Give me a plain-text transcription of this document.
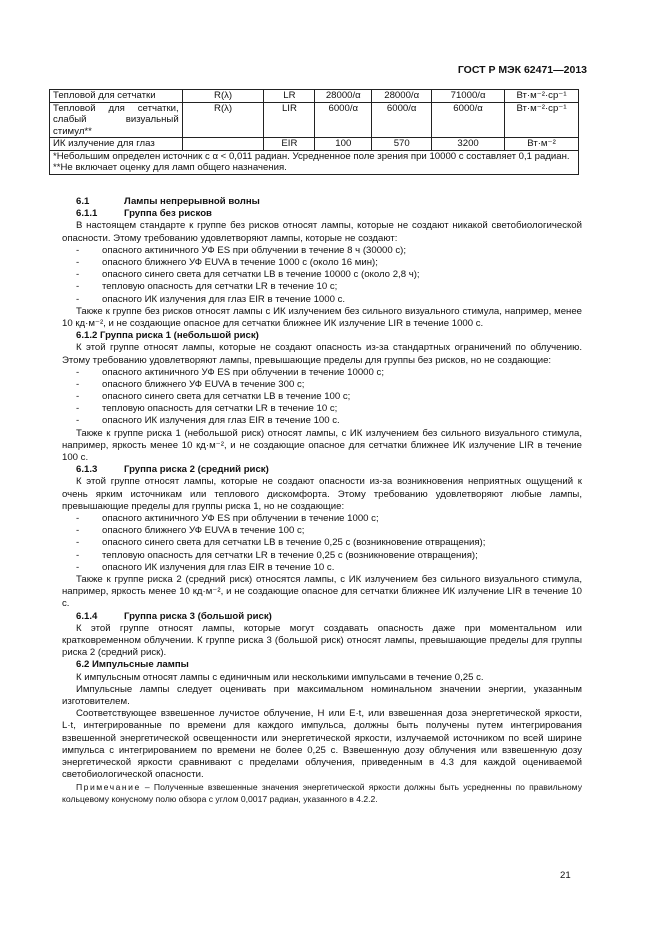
ГОСТ Р МЭК 62471—2013
Тепловой для сетчатки	R(λ)	LR	28000/α	28000/α	71000/α	Вт·м⁻²·ср⁻¹
Тепловой для сетчатки, слабый визуальный стимул**	R(λ)	LIR	6000/α	6000/α	6000/α	Вт·м⁻²·ср⁻¹
ИК излучение для глаз		EIR	100	570	3200	Вт·м⁻²

*Небольшим определен источник с α < 0,011 радиан. Усредненное поле зрения при 10000 с составляет 0,1 радиан.
**Не включает оценку для ламп общего назначения.						
6.1	Лампы непрерывной волны
6.1.1	Группа без рисков
В настоящем стандарте к группе без рисков относят лампы, которые не создают никакой светобиологической опасности. Этому требованию удовлетворяют лампы, которые не создают:
- опасного актиничного УФ ES при облучении в течение 8 ч (30000 с);
- опасного ближнего УФ EUVA в течение 1000 с (около 16 мин);
- опасного синего света для сетчатки LB в течение 10000 с (около 2,8 ч);
- тепловую опасность для сетчатки LR в течение 10 с;
- опасного ИК излучения для глаз EIR в течение 1000 с.
Также к группе без рисков относят лампы с ИК излучением без сильного визуального стимула, например, менее 10 кд·м⁻², и не создающие опасное для сетчатки ближнее ИК излучение LIR в течение 1000 с.
6.1.2 Группа риска 1 (небольшой риск)
К этой группе относят лампы, которые не создают опасность из-за стандартных ограничений по облучению. Этому требованию удовлетворяют лампы, превышающие пределы для группы без рисков, но не создающие:
- опасного актиничного УФ ES при облучении в течение 10000 с;
- опасного ближнего УФ EUVA в течение 300 с;
- опасного синего света для сетчатки LB в течение 100 с;
- тепловую опасность для сетчатки LR в течение 10 с;
- опасного ИК излучения для глаз EIR в течение 100 с.
Также к группе риска 1 (небольшой риск) относят лампы, с ИК излучением без сильного визуального стимула, например, яркость менее 10 кд·м⁻², и не создающие опасное для сетчатки ближнее ИК излучение LIR в течение 100 с.
6.1.3	Группа риска 2 (средний риск)
К этой группе относят лампы, которые не создают опасности из-за возникновения неприятных ощущений к очень ярким источникам или теплового дискомфорта. Этому требованию удовлетворяют любые лампы, превышающие пределы для группы риска 1, но не создающие:
- опасного актиничного УФ ES при облучении в течение 1000 с;
- опасного ближнего УФ EUVA в течение 100 с;
- опасного синего света для сетчатки LB в течение 0,25 с (возникновение отвращения);
- тепловую опасность для сетчатки LR в течение 0,25 с (возникновение отвращения);
- опасного ИК излучения для глаз EIR в течение 10 с.
Также к группе риска 2 (средний риск) относятся лампы, с ИК излучением без сильного визуального стимула, например, яркость менее 10 кд·м⁻², и не создающие опасное для сетчатки ближнее ИК излучение LIR в течение 10 с.
6.1.4	Группа риска 3 (большой риск)
К этой группе относят лампы, которые могут создавать опасность даже при моментальном или кратковременном облучении. К группе риска 3 (большой риск) относят лампы, превышающие пределы для группы риска 2 (средний риск).
6.2 Импульсные лампы
К импульсным относят лампы с единичным или несколькими импульсами в течение 0,25 с.
Импульсные лампы следует оценивать при максимальном номинальном значении энергии, указанным изготовителем.
Соответствующее взвешенное лучистое облучение, H или E·t, или взвешенная доза энергетической яркости, L·t, интегрированные по времени для каждого импульса, должны быть получены путем интегрирования взвешенной энергетической освещенности или энергетической яркости, излучаемой источником по всей ширине импульса с интегрированием по времени не более 0,25 с. Взвешенную дозу облучения или взвешенную дозу энергетической яркости сравнивают с пределами облучения, приведенным в 4.3 для каждой оцениваемой светобиологической опасности.
Примечание – Полученные взвешенные значения энергетической яркости должны быть усредненны по правильному кольцевому конусному полю обзора с углом 0,0017 радиан, указанного в 4.2.2.
21
